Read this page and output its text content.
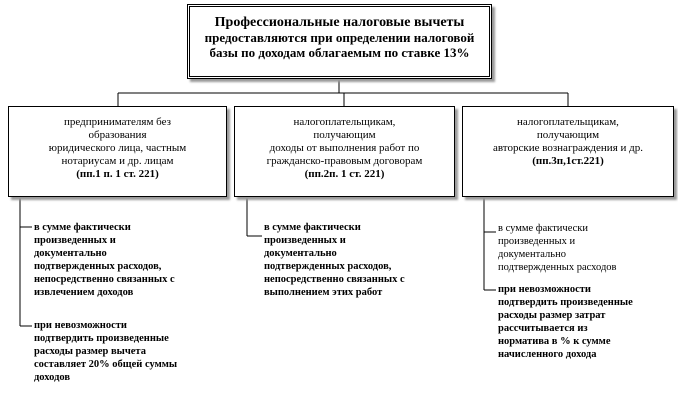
Профессиональные налоговые вычеты
предоставляются при определении налоговой
базы по доходам облагаемым по ставке 13%
предпринимателям без
образования
юридического лица, частным
нотариусам и др. лицам
(пп.1 п. 1 ст. 221)
налогоплательщикам,
получающим
доходы от выполнения работ по
гражданско-правовым договорам
(пп.2п. 1 ст. 221)
налогоплательщикам,
получающим
авторские вознаграждения и др.
(пп.3п,1ст.221)
в сумме фактически
произведенных и
документально
подтвержденных расходов,
непосредственно связанных с
извлечением доходов
при невозможности
подтвердить произведенные
расходы размер вычета
составляет 20% общей суммы
доходов
в сумме фактически
произведенных и
документально
подтвержденных расходов,
непосредственно связанных с
выполнением этих работ
в сумме фактически
произведенных и
документально
подтвержденных расходов
при невозможности
подтвердить произведенные
расходы размер затрат
рассчитывается из
норматива в % к сумме
начисленного дохода
